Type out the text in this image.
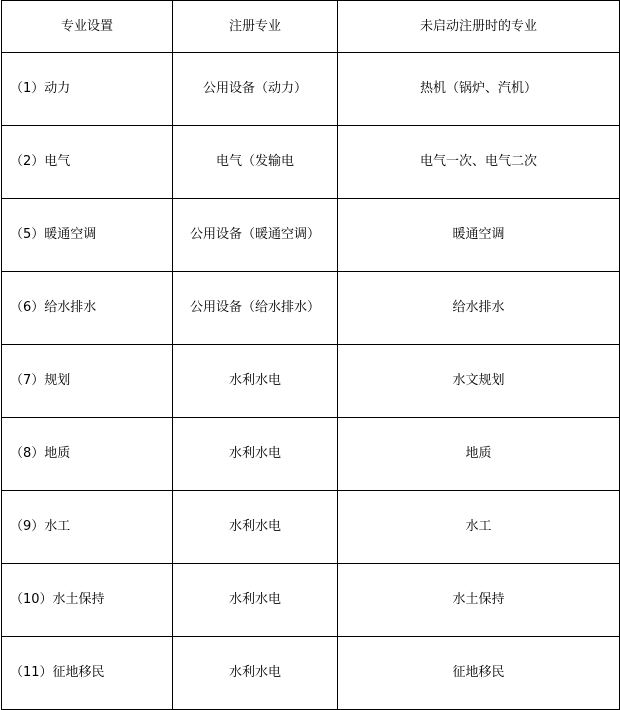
专业设置	注册专业	未启动注册时的专业
（1）动力	公用设备（动力）	热机（锅炉、汽机）
（2）电气	电气（发输电	电气一次、电气二次
（5）暖通空调	公用设备（暖通空调）	暖通空调
（6）给水排水	公用设备（给水排水）	给水排水
（7）规划	水利水电	水文规划
（8）地质	水利水电	地质
（9）水工	水利水电	水工
（10）水土保持	水利水电	水土保持
（11）征地移民	水利水电	征地移民
